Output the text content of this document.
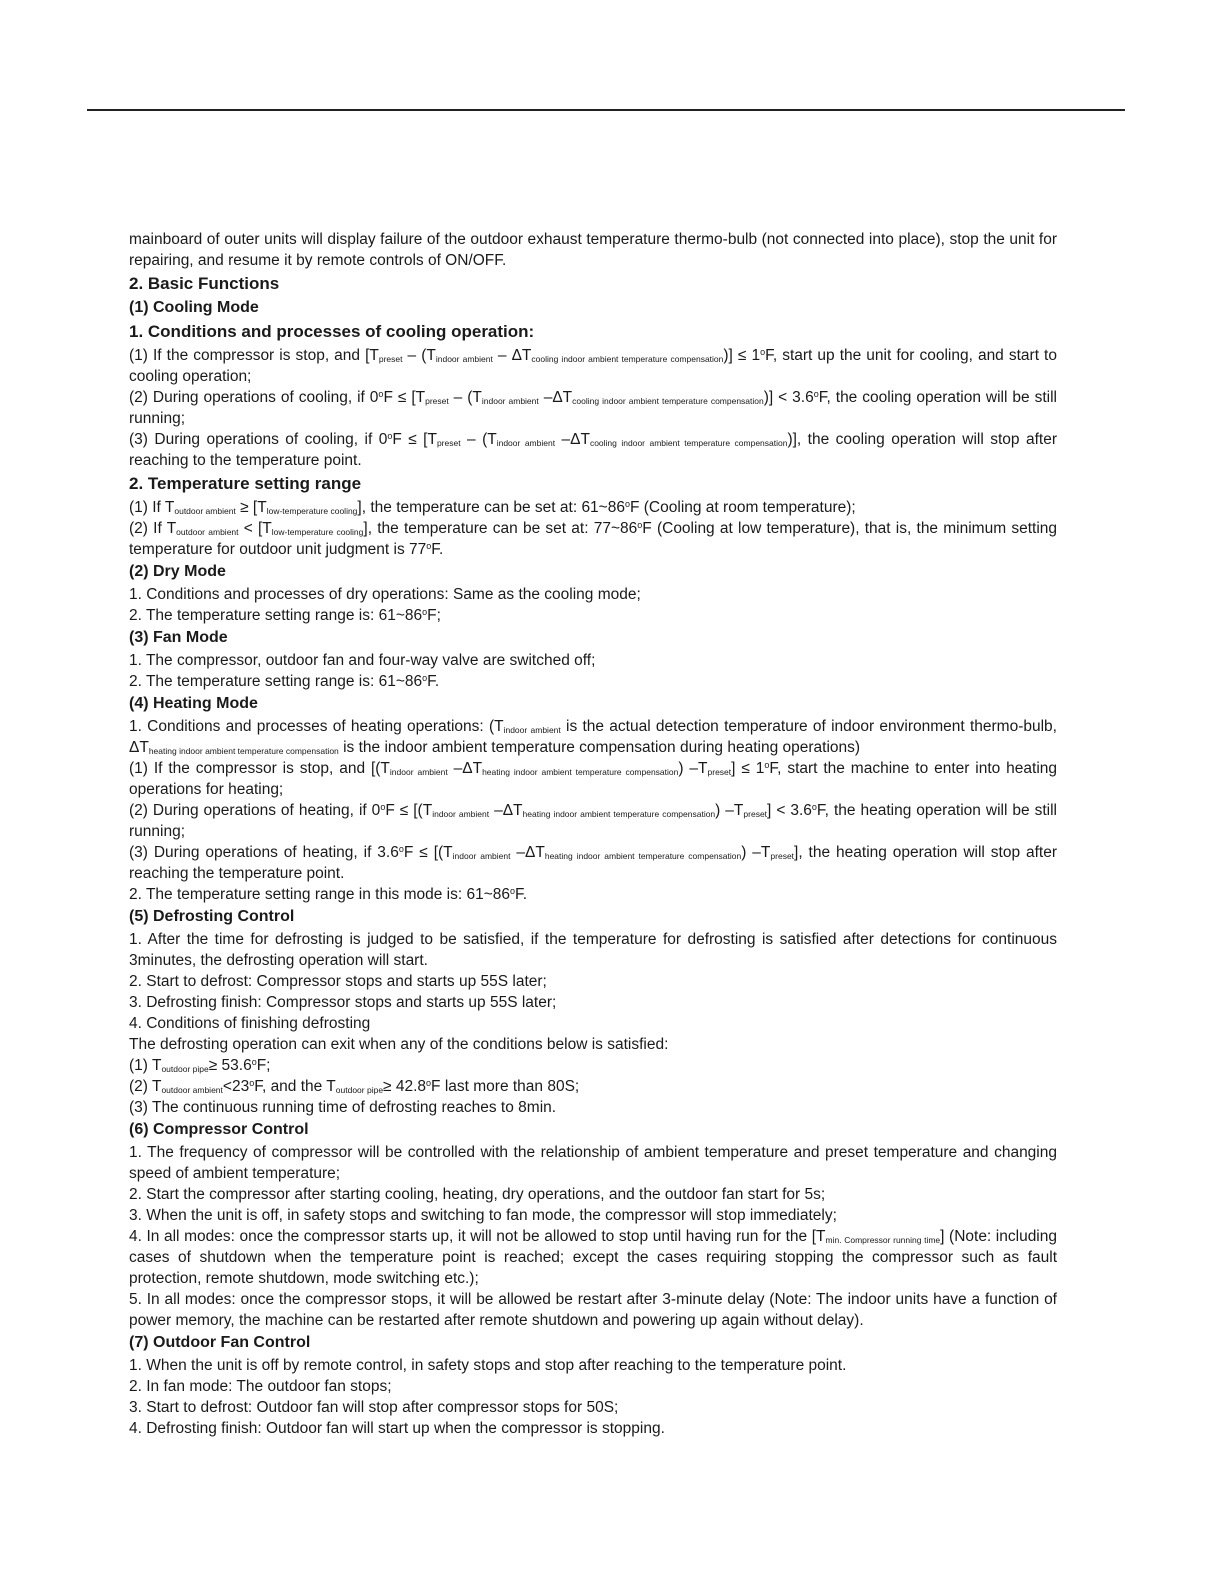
mainboard of outer units will display failure of the outdoor exhaust temperature thermo-bulb (not connected into place), stop the unit for repairing, and resume it by remote controls of ON/OFF.
2. Basic Functions
(1) Cooling Mode
1. Conditions and processes of cooling operation:
(1) If the compressor is stop, and $[T_{preset} - (T_{indoor ambient} - \Delta T_{cooling indoor ambient temperature compensation})] \le 1^oF$, start up the unit for cooling, and start to cooling operation;
(2) During operations of cooling, if $0^oF \le [T_{preset} - (T_{indoor ambient}$ $-\Delta T_{cooling indoor ambient temperature compensation})] < 3.6^oF$, the cooling operation will be still running;
(3) During operations of cooling, if $0^oF \le [T_{preset} - (T_{indoor ambient}$ $-\Delta T_{cooling indoor ambient temperature compensation}$)], the cooling operation will stop after reaching to the temperature point.
2. Temperature setting range
(1) If $T_{outdoor ambient} \ge [T_{low-temperature cooling}]$, the temperature can be set at: 61~86$^o$F (Cooling at room temperature);
(2) If $T_{outdoor ambient} < [T_{low-temperature cooling}]$, the temperature can be set at: 77~86$^o$F (Cooling at low temperature), that is, the minimum setting temperature for outdoor unit judgment is 77$^o$F.
(2) Dry Mode
1. Conditions and processes of dry operations: Same as the cooling mode;
2. The temperature setting range is: 61~86$^o$F;
(3) Fan Mode
1. The compressor, outdoor fan and four-way valve are switched off;
2. The temperature setting range is: 61~86$^o$F.
(4) Heating Mode
1. Conditions and processes of heating operations: ($T_{indoor ambient}$ is the actual detection temperature of indoor environment thermo-bulb, $\Delta T_{heating indoor ambient temperature compensation}$ is the indoor ambient temperature compensation during heating operations)
(1) If the compressor is stop, and [($T_{indoor ambient}$ $-\Delta T_{heating indoor ambient temperature compensation}$) $-T_{preset}] \le 1^oF$, start the machine to enter into heating operations for heating;
(2) During operations of heating, if $0^oF \le [(T_{indoor ambient}$ $-\Delta T_{heating indoor ambient temperature compensation}$) $-T_{preset}] < 3.6^oF$, the heating operation will be still running;
(3) During operations of heating, if $3.6^oF \le [(T_{indoor ambient}$ $-\Delta T_{heating indoor ambient temperature compensation}$) $-T_{preset}$], the heating operation will stop after reaching the temperature point.
2. The temperature setting range in this mode is: 61~86$^o$F.
(5) Defrosting Control
1. After the time for defrosting is judged to be satisfied, if the temperature for defrosting is satisfied after detections for continuous 3minutes, the defrosting operation will start.
2. Start to defrost: Compressor stops and starts up 55S later;
3. Defrosting finish: Compressor stops and starts up 55S later;
4. Conditions of finishing defrosting
The defrosting operation can exit when any of the conditions below is satisfied:
(1) $T_{outdoor pipe}\ge 53.6^oF$;
(2) $T_{outdoor ambient}<23^oF$, and the $T_{outdoor pipe}\ge 42.8^oF$ last more than 80S;
(3) The continuous running time of defrosting reaches to 8min.
(6) Compressor Control
1. The frequency of compressor will be controlled with the relationship of ambient temperature and preset temperature and changing speed of ambient temperature;
2. Start the compressor after starting cooling, heating, dry operations, and the outdoor fan start for 5s;
3. When the unit is off, in safety stops and switching to fan mode, the compressor will stop immediately;
4. In all modes: once the compressor starts up, it will not be allowed to stop until having run for the $[T_{min. Compressor running time}]$ (Note: including cases of shutdown when the temperature point is reached; except the cases requiring stopping the compressor such as fault protection, remote shutdown, mode switching etc.);
5. In all modes: once the compressor stops, it will be allowed be restart after 3-minute delay (Note: The indoor units have a function of power memory, the machine can be restarted after remote shutdown and powering up again without delay).
(7) Outdoor Fan Control
1. When the unit is off by remote control, in safety stops and stop after reaching to the temperature point.
2. In fan mode: The outdoor fan stops;
3. Start to defrost: Outdoor fan will stop after compressor stops for 50S;
4. Defrosting finish: Outdoor fan will start up when the compressor is stopping.
